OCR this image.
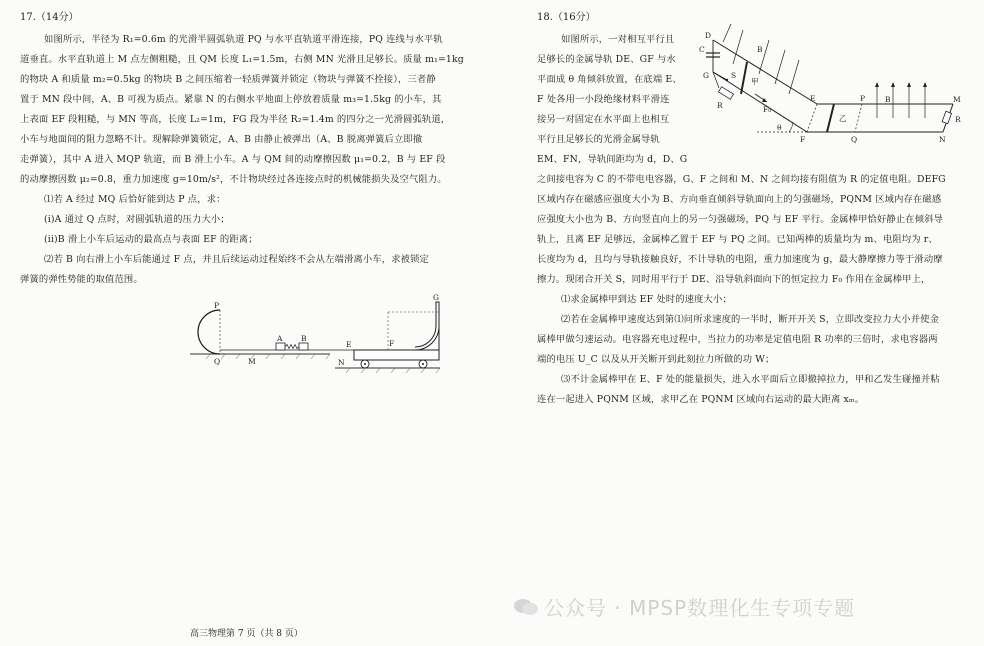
17.（14分）
如图所示，半径为 R₁=0.6m 的光滑半圆弧轨道 PQ 与水平直轨道平滑连接，PQ 连线与水平轨
道垂直。水平直轨道上 M 点左侧粗糙，且 QM 长度 L₁=1.5m，右侧 MN 光滑且足够长。质量 m₁=1kg
的物块 A 和质量 m₂=0.5kg 的物块 B 之间压缩着一轻质弹簧并锁定（物块与弹簧不拴接），三者静
置于 MN 段中间，A、B 可视为质点。紧靠 N 的右侧水平地面上停放着质量 m₃=1.5kg 的小车，其
上表面 EF 段粗糙，与 MN 等高，长度 L₂=1m，FG 段为半径 R₂=1.4m 的四分之一光滑圆弧轨道，
小车与地面间的阻力忽略不计。现解除弹簧锁定，A、B 由静止被弹出（A、B 脱离弹簧后立即撤
走弹簧），其中 A 进入 MQP 轨道，而 B 滑上小车。A 与 QM 间的动摩擦因数 μ₁=0.2，B 与 EF 段
的动摩擦因数 μ₂=0.8，重力加速度 g=10m/s²，不计物块经过各连接点时的机械能损失及空气阻力。
⑴若 A 经过 MQ 后恰好能到达 P 点，求：
(i)A 通过 Q 点时，对圆弧轨道的压力大小；
(ii)B 滑上小车后运动的最高点与表面 EF 的距离；
⑵若 B 向右滑上小车后能通过 F 点，并且后续运动过程始终不会从左端滑离小车，求被锁定
弹簧的弹性势能的取值范围。
P
Q	M
A B
E	F
N
G
18.（16分）
如图所示，一对相互平行且
足够长的金属导轨 DE、GF 与水
平面成 θ 角倾斜放置，在底端 E、
F 处各用一小段绝缘材料平滑连
接另一对固定在水平面上也相互
平行且足够长的光滑金属导轨
EM、FN，导轨间距均为 d，D、G
之间接电容为 C 的不带电电容器，G、F 之间和 M、N 之间均接有阻值为 R 的定值电阻。DEFG
区域内存在磁感应强度大小为 B、方向垂直倾斜导轨面向上的匀强磁场，PQNM 区域内存在磁感
应强度大小也为 B、方向竖直向上的另一匀强磁场，PQ 与 EF 平行。金属棒甲恰好静止在倾斜导
轨上，且离 EF 足够远，金属棒乙置于 EF 与 PQ 之间。已知两棒的质量均为 m、电阻均为 r、
长度均为 d，且均与导轨接触良好，不计导轨的电阻，重力加速度为 g，最大静摩擦力等于滑动摩
擦力。现闭合开关 S，同时用平行于 DE、沿导轨斜面向下的恒定拉力 F₀ 作用在金属棒甲上，
⑴求金属棒甲到达 EF 处时的速度大小；
⑵若在金属棒甲速度达到第⑴问所求速度的一半时，断开开关 S，立即改变拉力大小并使金
属棒甲做匀速运动。电容器充电过程中，当拉力的功率是定值电阻 R 功率的三倍时，求电容器两
端的电压 U_C 以及从开关断开到此刻拉力所做的功 W；
⑶不计金属棒甲在 E、F 处的能量损失，进入水平面后立即撤掉拉力，甲和乙发生碰撞并粘
连在一起进入 PQNM 区域，求甲乙在 PQNM 区域向右运动的最大距离 xₘ。
C
D
G	S
B
B
R
R
甲
乙
F₀
E
F
P
Q
M
N
θ
高三物理第 7 页（共 8 页）
公众号 · MPSP数理化生专项专题
